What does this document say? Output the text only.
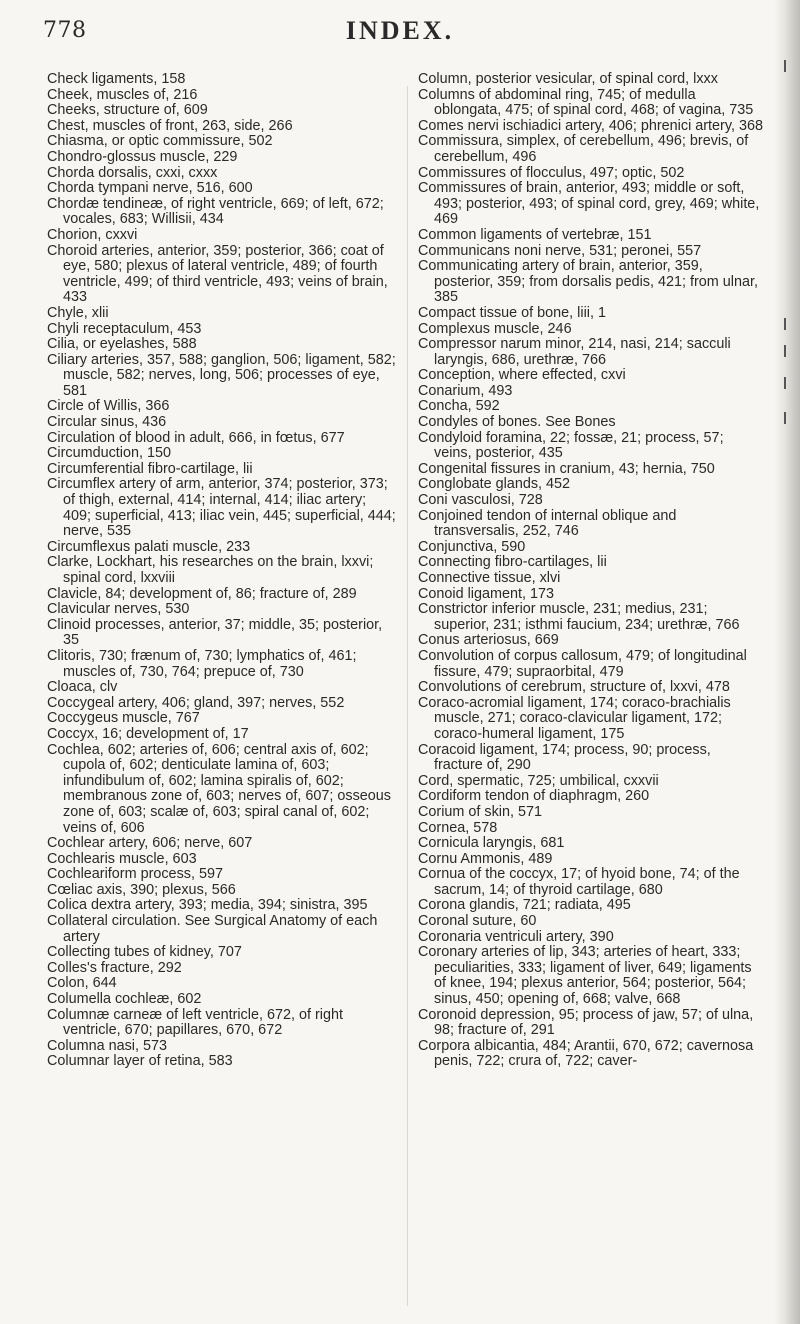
778	INDEX.

Check ligaments, 158

Cheek, muscles of, 216

Cheeks, structure of, 609

Chest, muscles of front, 263, side, 266

Chiasma, or optic commissure, 502

Chondro-glossus muscle, 229

Chorda dorsalis, cxxi, cxxx

Chorda tympani nerve, 516, 600

Chordæ tendineæ, of right ventricle, 669; of left, 672; vocales, 683; Willisii, 434

Chorion, cxxvi

Choroid arteries, anterior, 359; posterior, 366; coat of eye, 580; plexus of lateral ventricle, 489; of fourth ventricle, 499; of third ventricle, 493; veins of brain, 433

Chyle, xlii

Chyli receptaculum, 453

Cilia, or eyelashes, 588

Ciliary arteries, 357, 588; ganglion, 506; ligament, 582; muscle, 582; nerves, long, 506; processes of eye, 581

Circle of Willis, 366

Circular sinus, 436

Circulation of blood in adult, 666, in fœtus, 677

Circumduction, 150

Circumferential fibro-cartilage, lii

Circumflex artery of arm, anterior, 374; posterior, 373; of thigh, external, 414; internal, 414; iliac artery; 409; superficial, 413; iliac vein, 445; superficial, 444; nerve, 535

Circumflexus palati muscle, 233

Clarke, Lockhart, his researches on the brain, lxxvi; spinal cord, lxxviii

Clavicle, 84; development of, 86; fracture of, 289

Clavicular nerves, 530

Clinoid processes, anterior, 37; middle, 35; posterior, 35

Clitoris, 730; frænum of, 730; lymphatics of, 461; muscles of, 730, 764; prepuce of, 730

Cloaca, clv

Coccygeal artery, 406; gland, 397; nerves, 552

Coccygeus muscle, 767

Coccyx, 16; development of, 17

Cochlea, 602; arteries of, 606; central axis of, 602; cupola of, 602; denticulate lamina of, 603; infundibulum of, 602; lamina spiralis of, 602; membranous zone of, 603; nerves of, 607; osseous zone of, 603; scalæ of, 603; spiral canal of, 602; veins of, 606

Cochlear artery, 606; nerve, 607

Cochlearis muscle, 603

Cochleariform process, 597

Cœliac axis, 390; plexus, 566

Colica dextra artery, 393; media, 394; sinistra, 395

Collateral circulation. See Surgical Anatomy of each artery

Collecting tubes of kidney, 707

Colles's fracture, 292

Colon, 644

Columella cochleæ, 602

Columnæ carneæ of left ventricle, 672, of right ventricle, 670; papillares, 670, 672

Columna nasi, 573

Columnar layer of retina, 583

Column, posterior vesicular, of spinal cord, lxxx

Columns of abdominal ring, 745; of medulla oblongata, 475; of spinal cord, 468; of vagina, 735

Comes nervi ischiadici artery, 406; phrenici artery, 368

Commissura, simplex, of cerebellum, 496; brevis, of cerebellum, 496

Commissures of flocculus, 497; optic, 502

Commissures of brain, anterior, 493; middle or soft, 493; posterior, 493; of spinal cord, grey, 469; white, 469

Common ligaments of vertebræ, 151

Communicans noni nerve, 531; peronei, 557

Communicating artery of brain, anterior, 359, posterior, 359; from dorsalis pedis, 421; from ulnar, 385

Compact tissue of bone, liii, 1

Complexus muscle, 246

Compressor narum minor, 214, nasi, 214; sacculi laryngis, 686, urethræ, 766

Conception, where effected, cxvi

Conarium, 493

Concha, 592

Condyles of bones. See Bones

Condyloid foramina, 22; fossæ, 21; process, 57; veins, posterior, 435

Congenital fissures in cranium, 43; hernia, 750

Conglobate glands, 452

Coni vasculosi, 728

Conjoined tendon of internal oblique and transversalis, 252, 746

Conjunctiva, 590

Connecting fibro-cartilages, lii

Connective tissue, xlvi

Conoid ligament, 173

Constrictor inferior muscle, 231; medius, 231; superior, 231; isthmi faucium, 234; urethræ, 766

Conus arteriosus, 669

Convolution of corpus callosum, 479; of longitudinal fissure, 479; supraorbital, 479

Convolutions of cerebrum, structure of, lxxvi, 478

Coraco-acromial ligament, 174; coraco-brachialis muscle, 271; coraco-clavicular ligament, 172; coraco-humeral ligament, 175

Coracoid ligament, 174; process, 90; process, fracture of, 290

Cord, spermatic, 725; umbilical, cxxvii

Cordiform tendon of diaphragm, 260

Corium of skin, 571

Cornea, 578

Cornicula laryngis, 681

Cornu Ammonis, 489

Cornua of the coccyx, 17; of hyoid bone, 74; of the sacrum, 14; of thyroid cartilage, 680

Corona glandis, 721; radiata, 495

Coronal suture, 60

Coronaria ventriculi artery, 390

Coronary arteries of lip, 343; arteries of heart, 333; peculiarities, 333; ligament of liver, 649; ligaments of knee, 194; plexus anterior, 564; posterior, 564; sinus, 450; opening of, 668; valve, 668

Coronoid depression, 95; process of jaw, 57; of ulna, 98; fracture of, 291

Corpora albicantia, 484; Arantii, 670, 672; cavernosa penis, 722; crura of, 722; caver-
